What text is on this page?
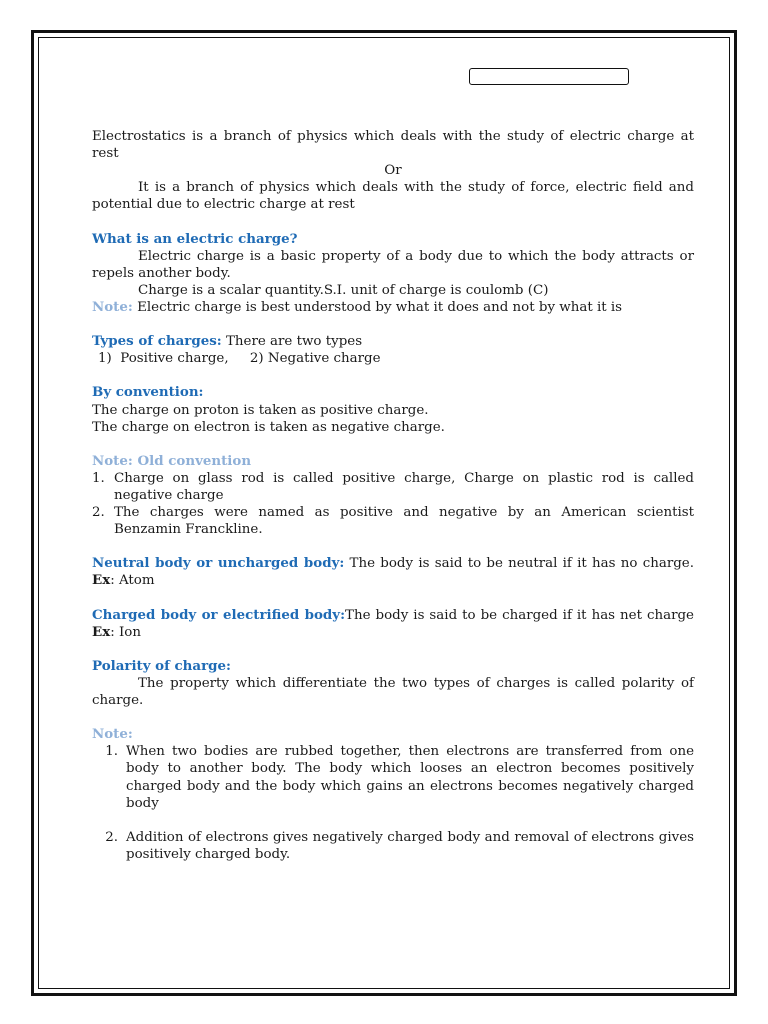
Electrostatics is a branch of physics which deals with the study of electric charge at rest
Or
It is a branch of physics which deals with the study of force, electric field and potential due to electric charge at rest
What is an electric charge?
Electric charge is a basic property of a body due to which the body attracts or repels another body.
Charge is a scalar quantity.S.I. unit of charge is coulomb (C)
Note: Electric charge is best understood by what it does and not by what it is
Types of charges: There are two types
1)  Positive charge,     2) Negative charge
By convention:
The charge on proton is taken as positive charge.
The charge on electron is taken as negative charge.
Note: Old convention
1. Charge on glass rod is called positive charge, Charge on plastic rod is called negative charge
2. The charges were named as positive and negative by an American scientist Benzamin Franckline.
Neutral body or uncharged body: The body is said to be neutral if it has no charge. Ex: Atom
Charged body or electrified body:The body is said to be charged if it has net charge Ex: Ion
Polarity of charge:
The property which differentiate the two types of charges is called polarity of charge.
Note:
1. When two bodies are rubbed together, then electrons are transferred from one body to another body. The body which looses an electron becomes positively charged body and the body which gains an electrons becomes negatively charged body
2. Addition of electrons gives negatively charged body and removal of electrons gives positively charged body.
